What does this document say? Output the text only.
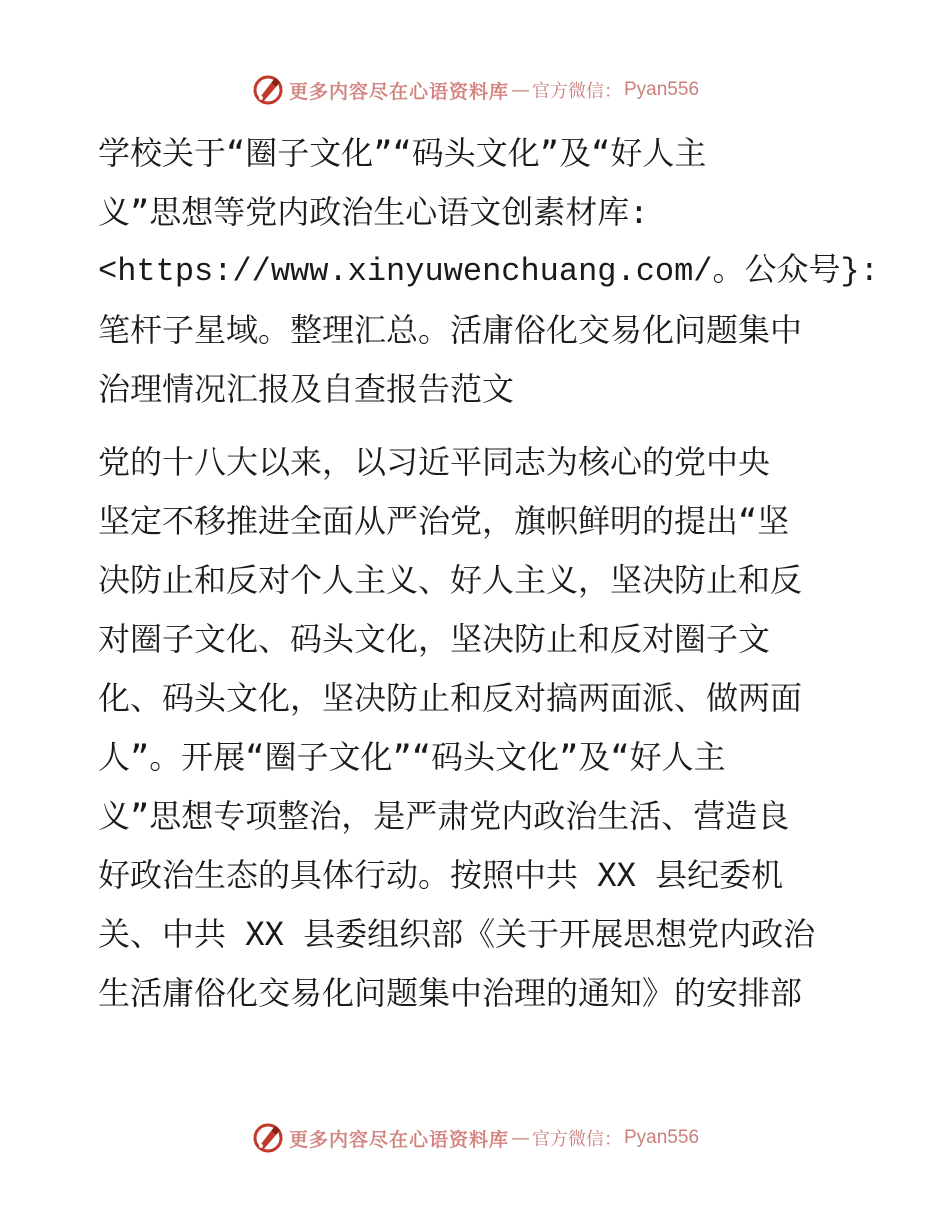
更多内容尽在心语资料库 — 官方微信： Pyan556
学校关于“圈子文化”“码头文化”及“好人主
义”思想等党内政治生心语文创素材库:
<https://www.xinyuwenchuang.com/。公众号}:
笔杆子星域。整理汇总。活庸俗化交易化问题集中
治理情况汇报及自查报告范文
党的十八大以来，以习近平同志为核心的党中央
坚定不移推进全面从严治党，旗帜鲜明的提出“坚
决防止和反对个人主义、好人主义，坚决防止和反
对圈子文化、码头文化，坚决防止和反对圈子文
化、码头文化，坚决防止和反对搞两面派、做两面
人”。开展“圈子文化”“码头文化”及“好人主
义”思想专项整治，是严肃党内政治生活、营造良
好政治生态的具体行动。按照中共 XX 县纪委机
关、中共 XX 县委组织部《关于开展思想党内政治
生活庸俗化交易化问题集中治理的通知》的安排部
更多内容尽在心语资料库 — 官方微信： Pyan556
